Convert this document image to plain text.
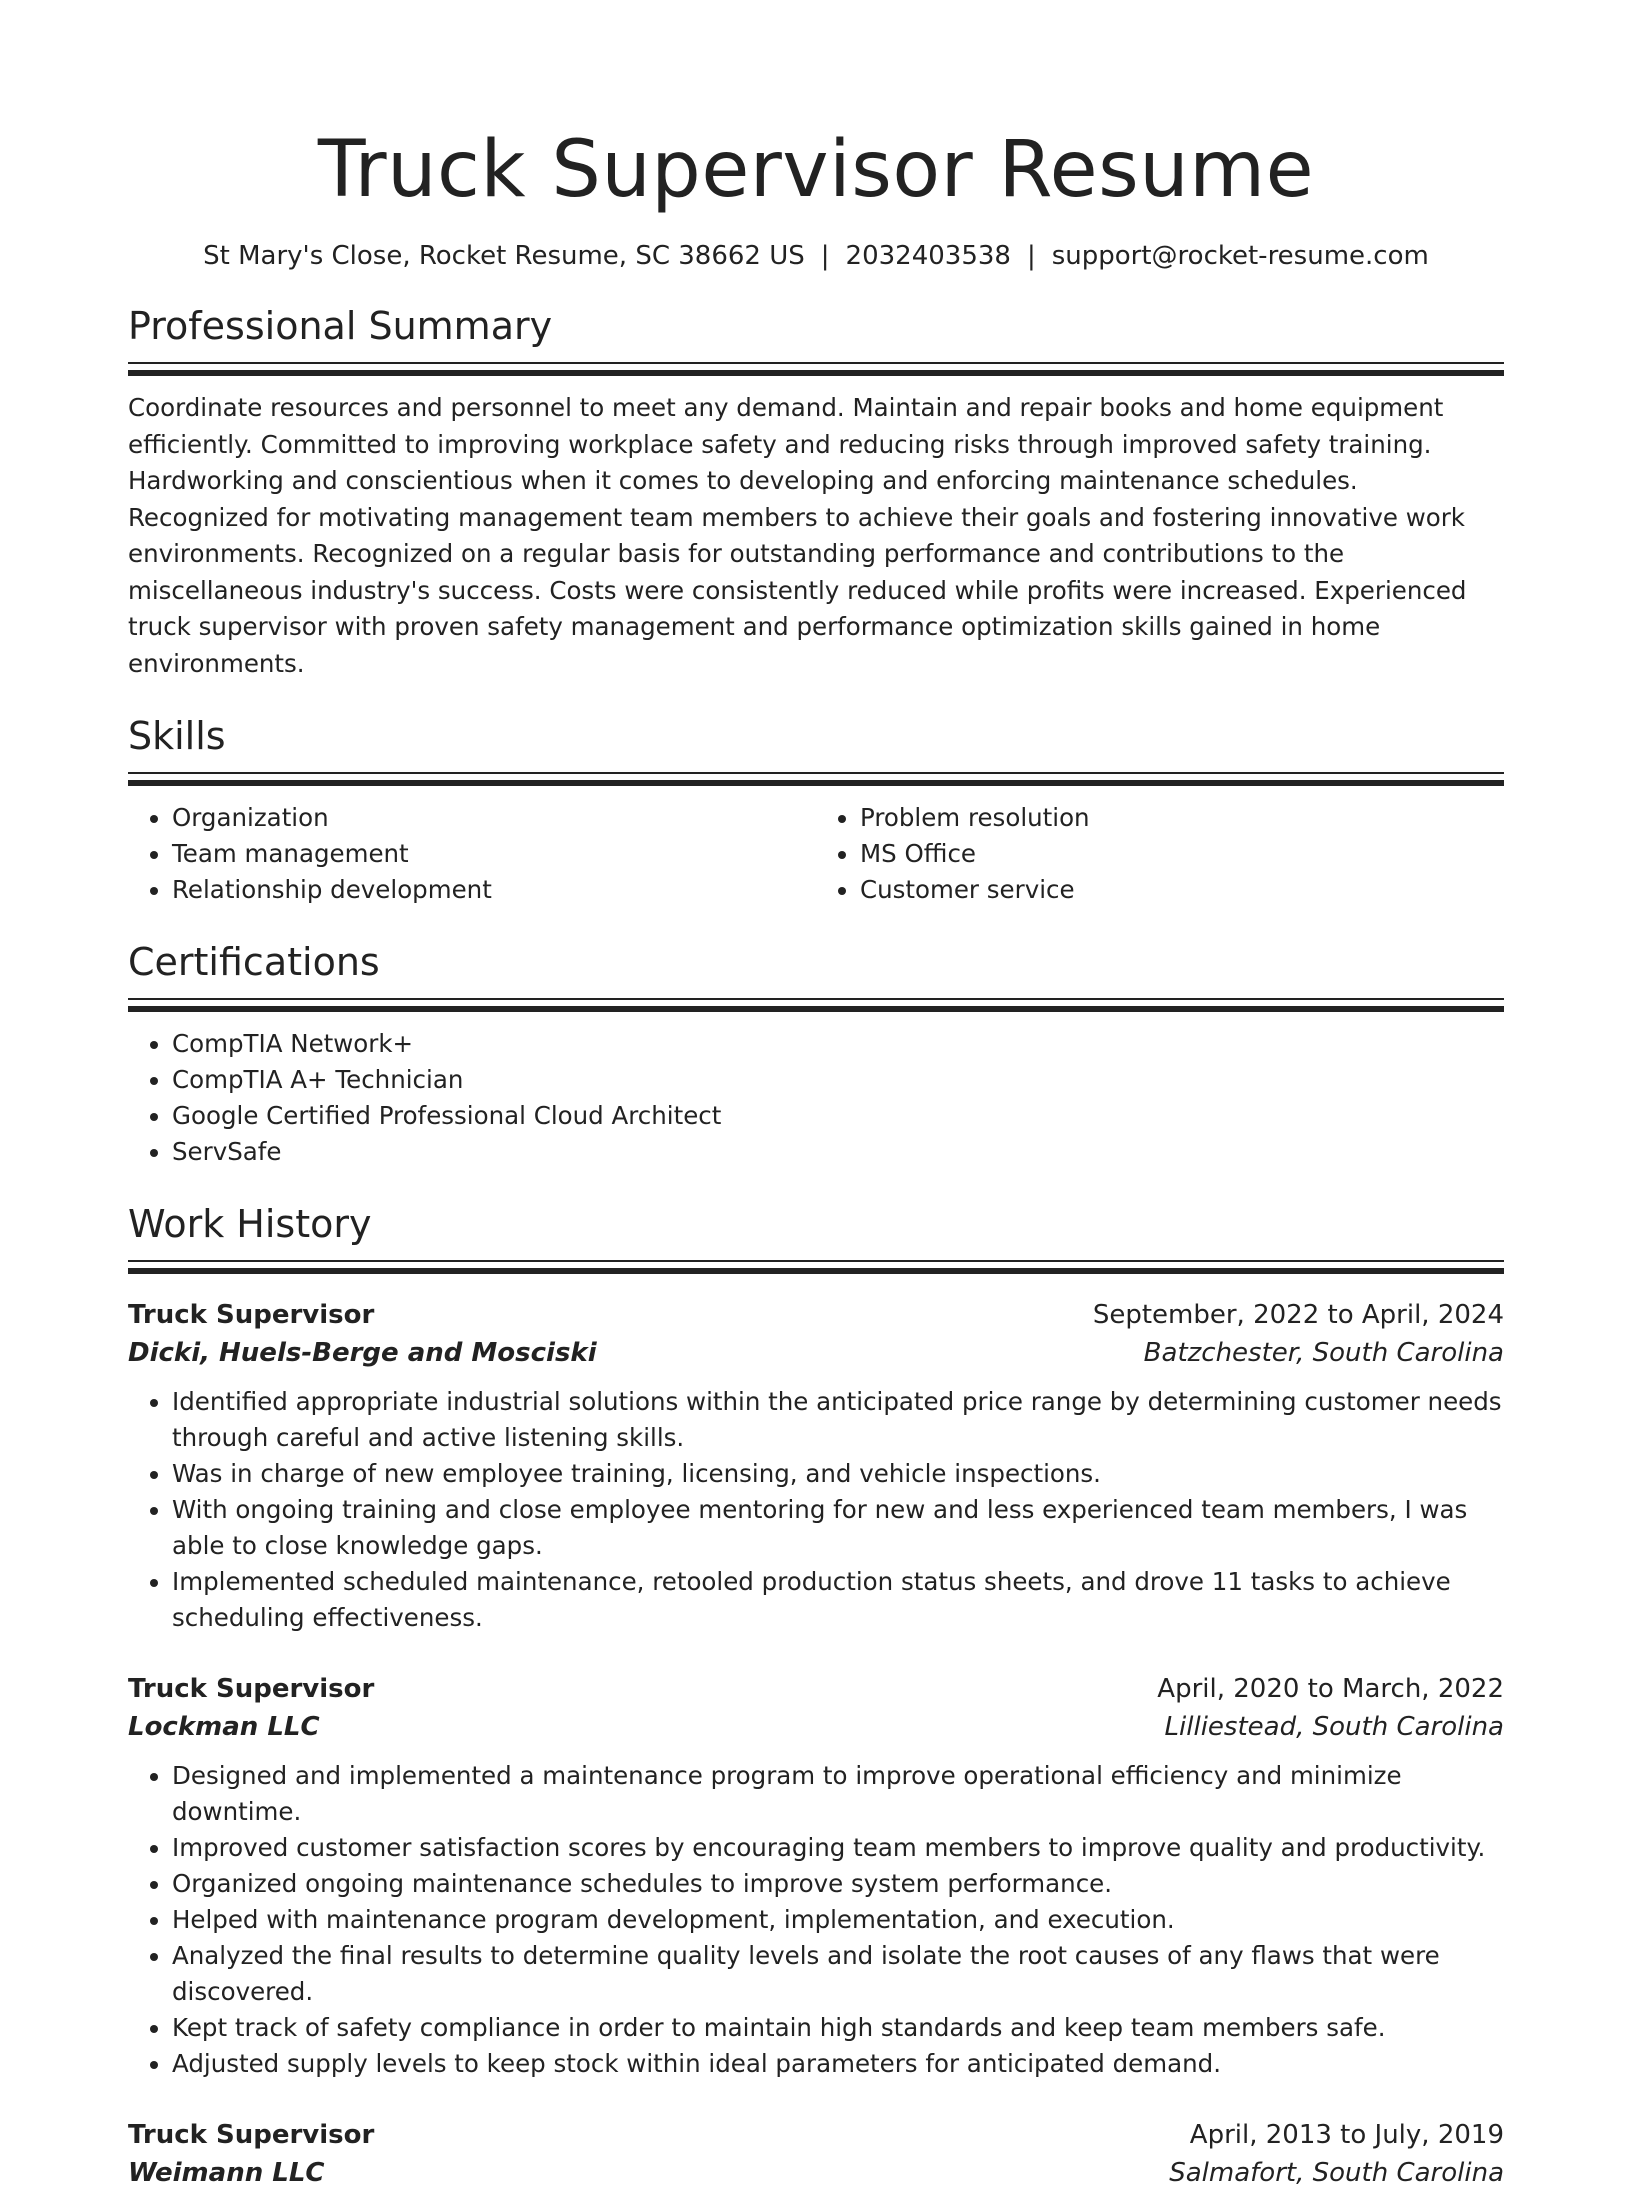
Truck Supervisor Resume
St Mary's Close, Rocket Resume, SC 38662 US | 2032403538 | support@rocket-resume.com
Professional Summary
Coordinate resources and personnel to meet any demand. Maintain and repair books and home equipment efficiently. Committed to improving workplace safety and reducing risks through improved safety training. Hardworking and conscientious when it comes to developing and enforcing maintenance schedules. Recognized for motivating management team members to achieve their goals and fostering innovative work environments. Recognized on a regular basis for outstanding performance and contributions to the miscellaneous industry's success. Costs were consistently reduced while profits were increased. Experienced truck supervisor with proven safety management and performance optimization skills gained in home environments.
Skills
• Organization
• Team management
• Relationship development
• Problem resolution
• MS Office
• Customer service
Certifications
• CompTIA Network+
• CompTIA A+ Technician
• Google Certified Professional Cloud Architect
• ServSafe
Work History
Truck Supervisor	September, 2022 to April, 2024
Dicki, Huels-Berge and Mosciski	Batzchester, South Carolina
• Identified appropriate industrial solutions within the anticipated price range by determining customer needs through careful and active listening skills.
• Was in charge of new employee training, licensing, and vehicle inspections.
• With ongoing training and close employee mentoring for new and less experienced team members, I was able to close knowledge gaps.
• Implemented scheduled maintenance, retooled production status sheets, and drove 11 tasks to achieve scheduling effectiveness.
Truck Supervisor	April, 2020 to March, 2022
Lockman LLC	Lilliestead, South Carolina
• Designed and implemented a maintenance program to improve operational efficiency and minimize downtime.
• Improved customer satisfaction scores by encouraging team members to improve quality and productivity.
• Organized ongoing maintenance schedules to improve system performance.
• Helped with maintenance program development, implementation, and execution.
• Analyzed the final results to determine quality levels and isolate the root causes of any flaws that were discovered.
• Kept track of safety compliance in order to maintain high standards and keep team members safe.
• Adjusted supply levels to keep stock within ideal parameters for anticipated demand.
Truck Supervisor	April, 2013 to July, 2019
Weimann LLC	Salmafort, South Carolina
